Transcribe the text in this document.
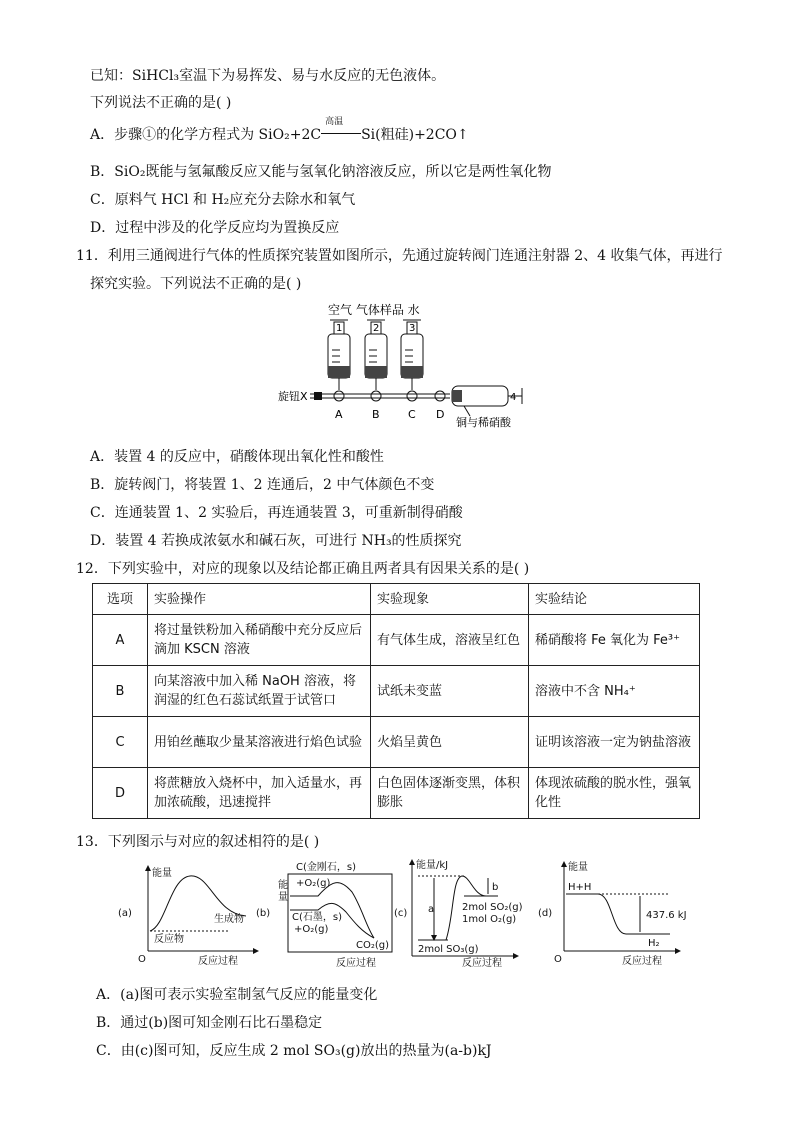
已知：SiHCl₃室温下为易挥发、易与水反应的无色液体。
下列说法不正确的是( )
A．步骤①的化学方程式为 SiO₂+2C
高温
Si(粗硅)+2CO↑
B．SiO₂既能与氢氟酸反应又能与氢氧化钠溶液反应，所以它是两性氧化物
C．原料气 HCl 和 H₂应充分去除水和氧气
D．过程中涉及的化学反应均为置换反应
11．利用三通阀进行气体的性质探究装置如图所示，先通过旋转阀门连通注射器 2、4 收集气体，再进行
探究实验。下列说法不正确的是( )
空气 气体样品 水
1	2	3
4
旋钮X
A	B	C D
铜与稀硝酸
A．装置 4 的反应中，硝酸体现出氧化性和酸性
B．旋转阀门，将装置 1、2 连通后，2 中气体颜色不变
C．连通装置 1、2 实验后，再连通装置 3，可重新制得硝酸
D．装置 4 若换成浓氨水和碱石灰，可进行 NH₃的性质探究
12．下列实验中，对应的现象以及结论都正确且两者具有因果关系的是( )
选项	实验操作	实验现象	实验结论
A	将过量铁粉加入稀硝酸中充分反应后滴加 KSCN 溶液	有气体生成，溶液呈红色	稀硝酸将 Fe 氧化为 Fe³⁺
B	向某溶液中加入稀 NaOH 溶液，将润湿的红色石蕊试纸置于试管口	试纸未变蓝	溶液中不含 NH₄⁺
C	用铂丝蘸取少量某溶液进行焰色试验	火焰呈黄色	证明该溶液一定为钠盐溶液
D	将蔗糖放入烧杯中，加入适量水，再加浓硫酸，迅速搅拌	白色固体逐渐变黑，体积膨胀	体现浓硫酸的脱水性，强氧化性
13．下列图示与对应的叙述相符的是( )
(a)
能量
O	反应过程
反应物
生成物
(b)
能
量
C(金刚石，s)
+O₂(g)
C(石墨，s)
+O₂(g)
CO₂(g)
反应过程
(c)
能量/kJ
反应过程
a
b
2mol SO₂(g)
1mol O₂(g)
2mol SO₃(g)
(d)
能量
O	反应过程
H+H
437.6 kJ
H₂
A．(a)图可表示实验室制氢气反应的能量变化
B．通过(b)图可知金刚石比石墨稳定
C．由(c)图可知，反应生成 2 mol SO₃(g)放出的热量为(a-b)kJ
